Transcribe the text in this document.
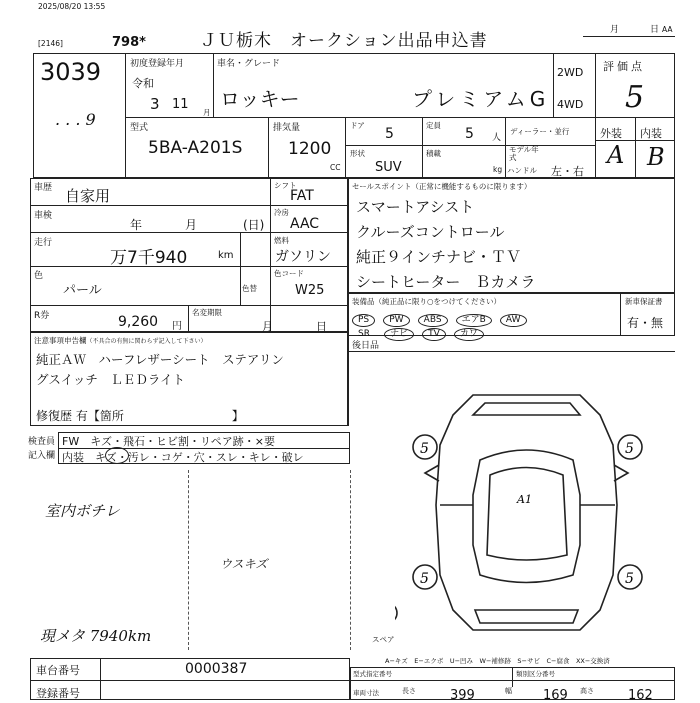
2025/08/20 13:55
[2146]	798*	ＪＵ栃木　オークション出品申込書
月	日 AA
3039
. . . 9
初度登録年月
令和
3 11
月
車名・グレード
ロッキー	プレミアムG
2WD
4WD
評価点
5
型式
5BA-A201S
排気量
1200
CC
ドア
5
定員
5 人
ディーラー・並行
形状
SUV
積載
kg
モデル年式
ハンドル 左・右
外装 内装
A B
車歴 自家用
シフト
FAT
車検
年	月	(日)
冷房
AAC
走行
万7千940	km
燃料
ガソリン
色
パール	色替
色コード
W25
R券	9,260 円
名変期限
月	日
セールスポイント（正常に機能するものに限ります）
スマートアシスト
クルーズコントロール
純正９インチナビ・ＴＶ
シートヒーター　Ｂカメラ
装備品（純正品に限り○をつけてください）
PS PW ABS エアB AW
SR ナビ TV カワ
新車保証書
有・無
後日品
注意事項申告欄（不具合の有無に関わらず記入して下さい）
純正ＡＷ　ハーフレザーシート　ステアリン
グスイッチ　ＬＥＤライト
修復歴 有【箇所　　　　　　　　　】
検査員
記入欄
FW　キズ・飛石・ヒビ割・リペア跡・×要
内装　キズ・汚レ・コゲ・穴・スレ・キレ・破レ
室内ボチレ
ウスキズ
現メタ 7940km
A1
5	5
5	5
スペア
A−キズ　E−エクボ　U−凹み　W−補修跡　S−サビ　C−腐食　XX−交換済
車台番号	0000387
登録番号
型式指定番号	類別区分番号
車両寸法	長さ	399	幅 169 高さ	162
